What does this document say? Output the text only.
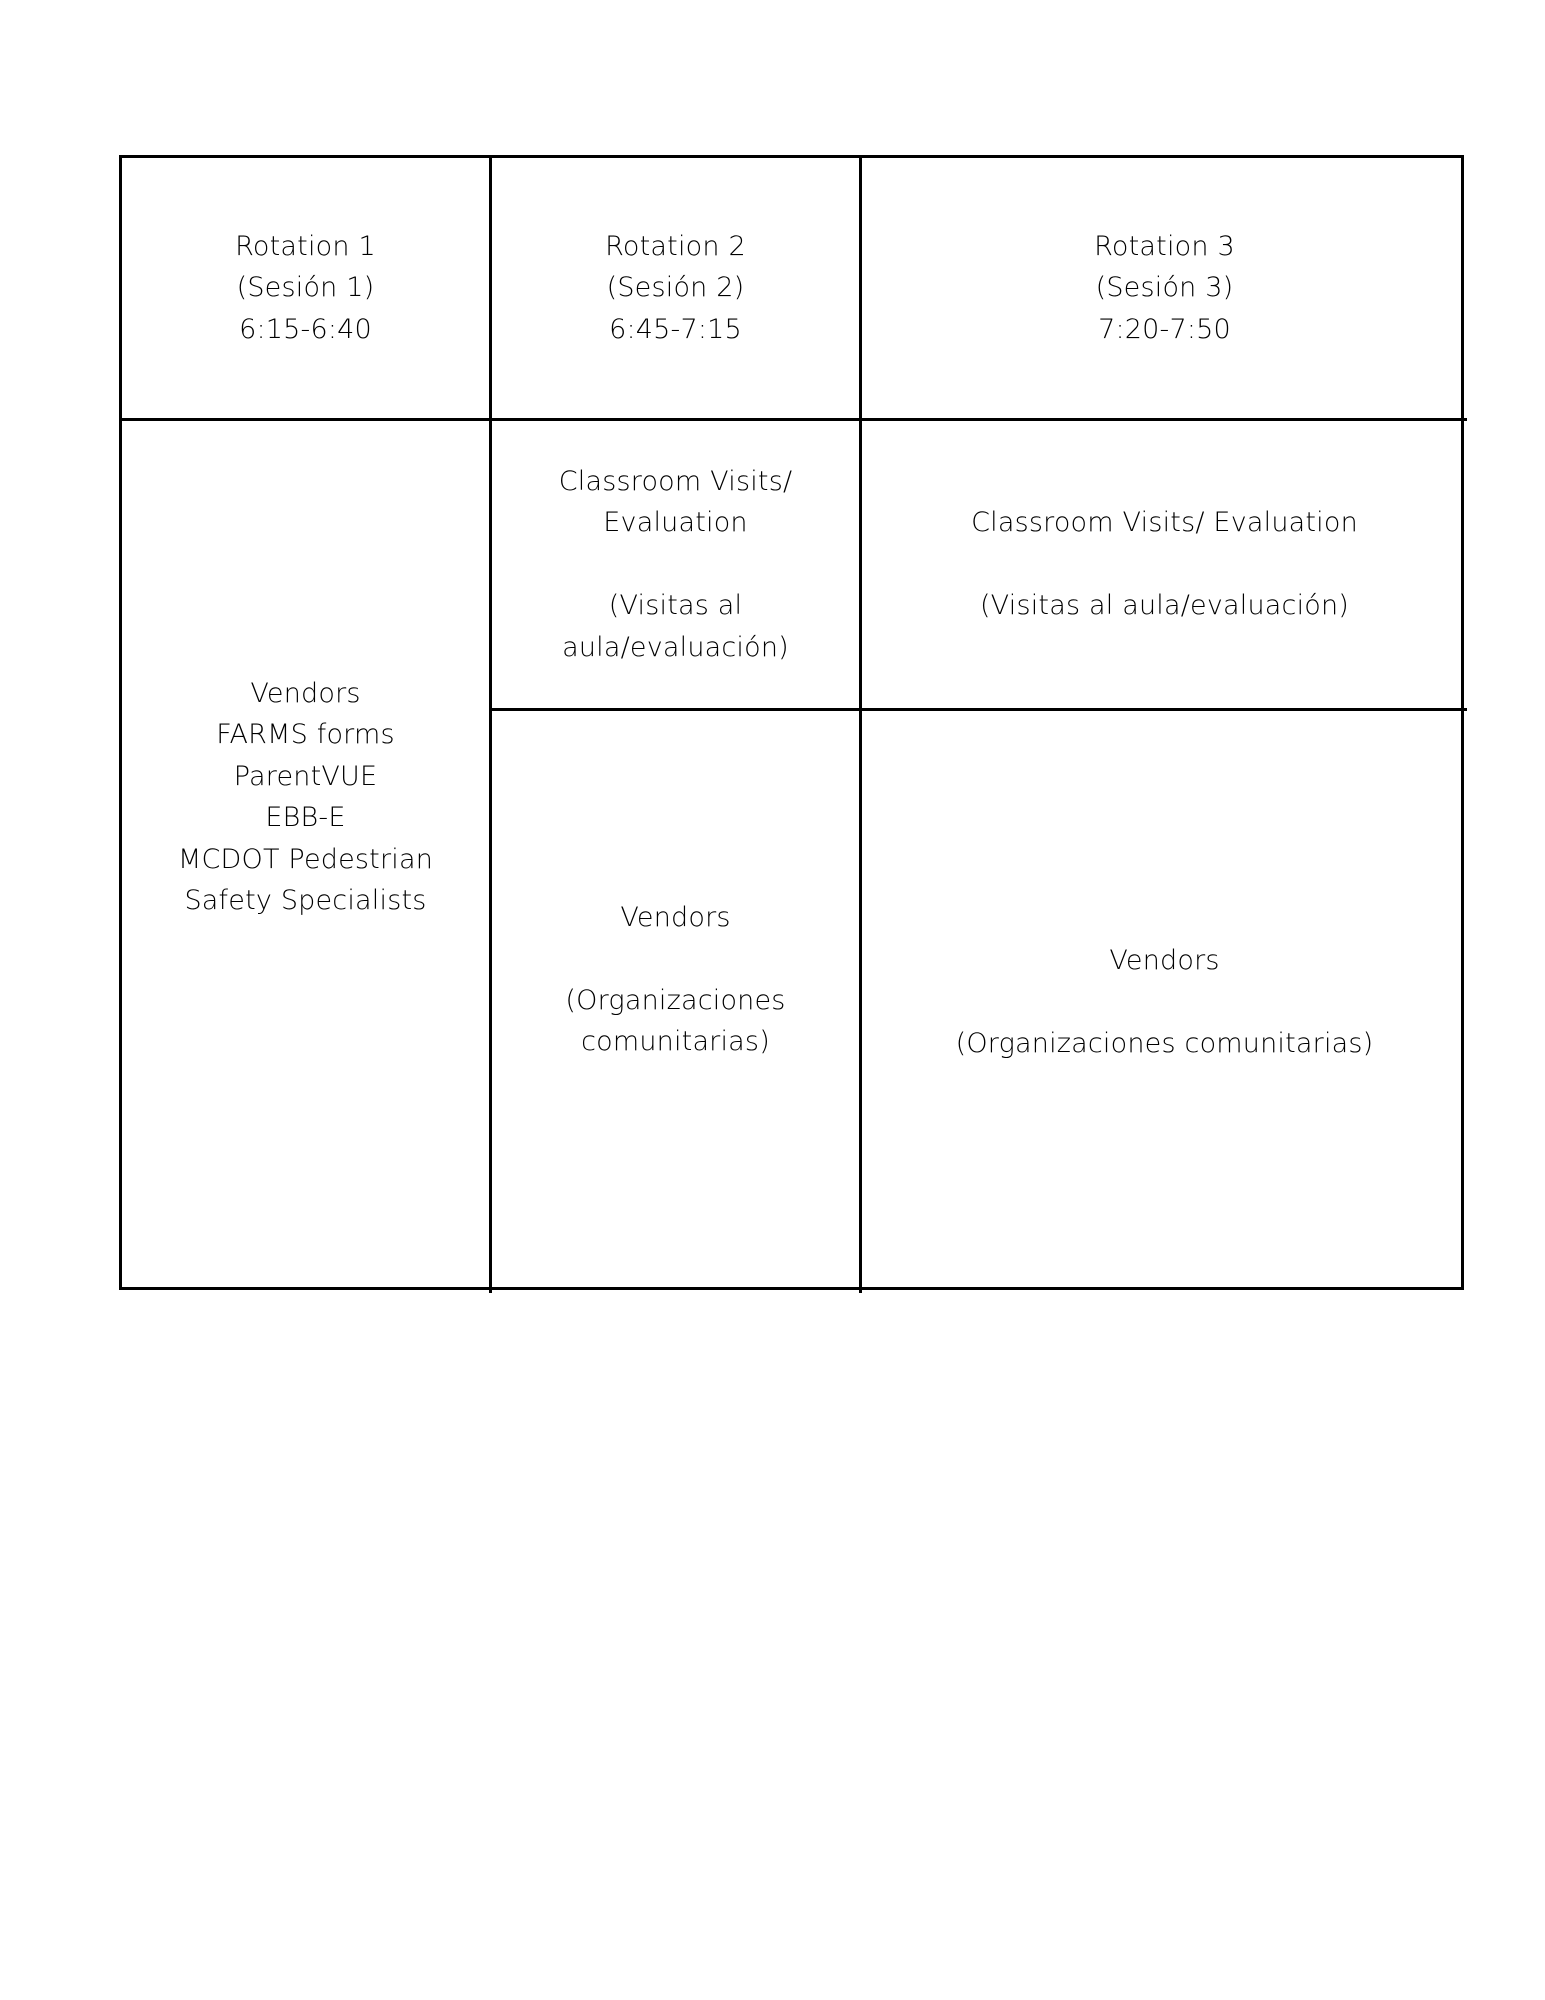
Rotation 1
(Sesión 1)
6:15-6:40
Rotation 2
(Sesión 2)
6:45-7:15
Rotation 3
(Sesión 3)
7:20-7:50
Vendors
FARMS forms
ParentVUE
EBB-E
MCDOT Pedestrian
Safety Specialists
Classroom Visits/
Evaluation
(Visitas al
aula/evaluación)
Classroom Visits/ Evaluation
(Visitas al aula/evaluación)
Vendors
(Organizaciones
comunitarias)
Vendors
(Organizaciones comunitarias)
